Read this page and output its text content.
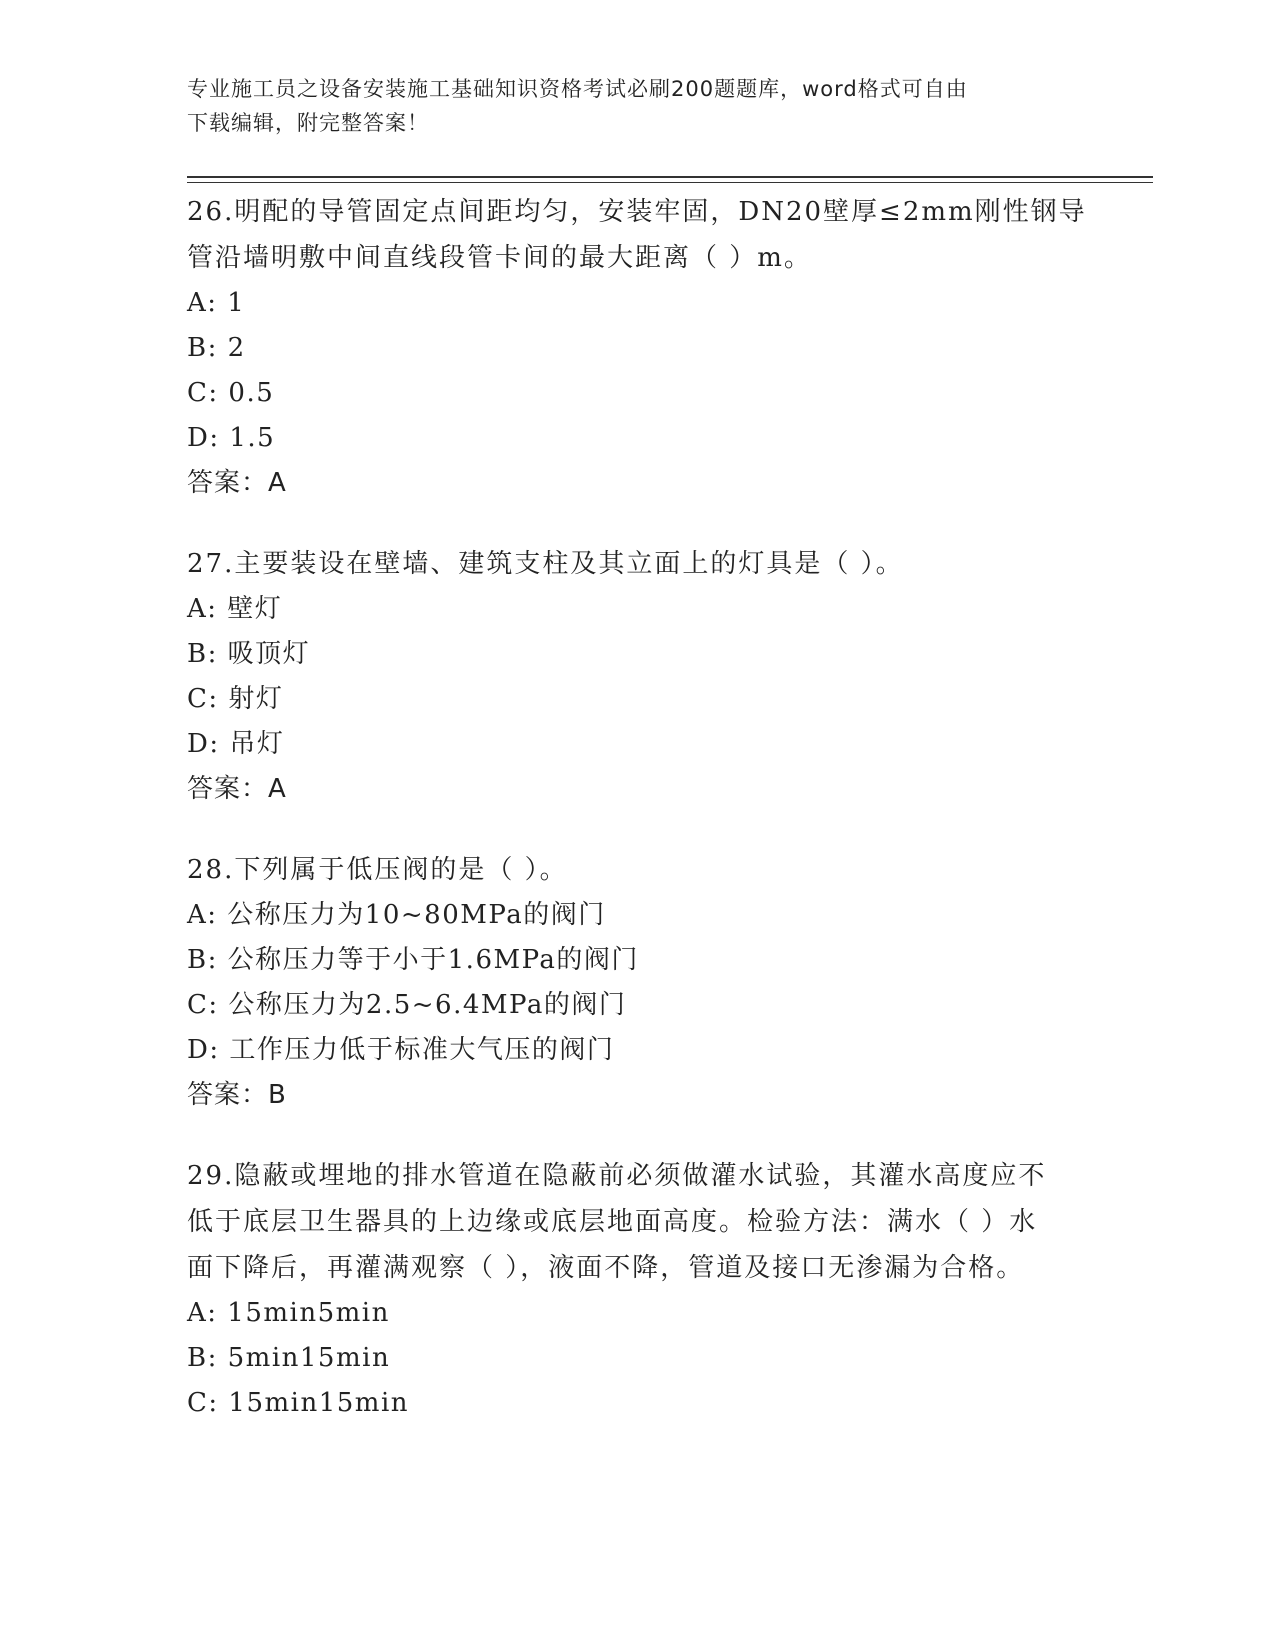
专业施工员之设备安装施工基础知识资格考试必刷200题题库，word格式可自由
下载编辑，附完整答案！

26.明配的导管固定点间距均匀，安装牢固，DN20壁厚≤2mm刚性钢导

管沿墙明敷中间直线段管卡间的最大距离（ ）m。

A: 1

B: 2

C: 0.5

D: 1.5

答案：A

27.主要装设在壁墙、建筑支柱及其立面上的灯具是（ ）。

A: 壁灯

B: 吸顶灯

C: 射灯

D: 吊灯

答案：A

28.下列属于低压阀的是（ ）。

A: 公称压力为10~80MPa的阀门

B: 公称压力等于小于1.6MPa的阀门

C: 公称压力为2.5~6.4MPa的阀门

D: 工作压力低于标准大气压的阀门

答案：B

29.隐蔽或埋地的排水管道在隐蔽前必须做灌水试验，其灌水高度应不

低于底层卫生器具的上边缘或底层地面高度。检验方法：满水（ ）水

面下降后，再灌满观察（ ），液面不降，管道及接口无渗漏为合格。

A: 15min5min

B: 5min15min

C: 15min15min
